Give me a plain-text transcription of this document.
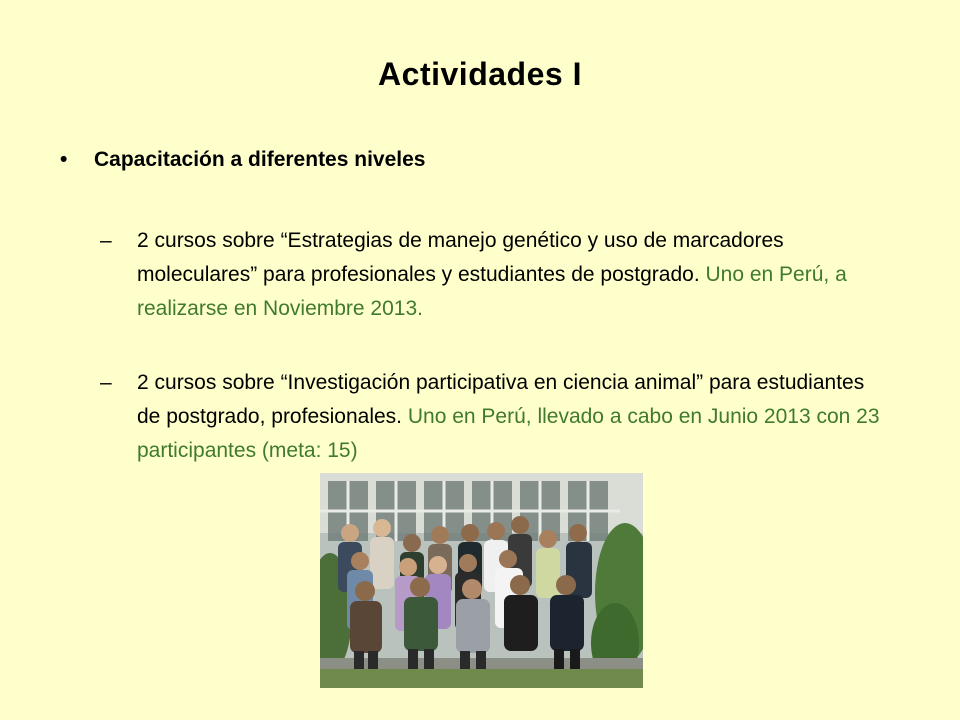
Actividades I
• Capacitación a diferentes niveles
– 2 cursos sobre “Estrategias de manejo genético y uso de marcadores moleculares” para profesionales y estudiantes de postgrado. Uno en Perú, a realizarse en Noviembre 2013.
– 2 cursos sobre “Investigación participativa en ciencia animal” para estudiantes de postgrado, profesionales. Uno en Perú, llevado a cabo en Junio 2013 con 23 participantes (meta: 15)
